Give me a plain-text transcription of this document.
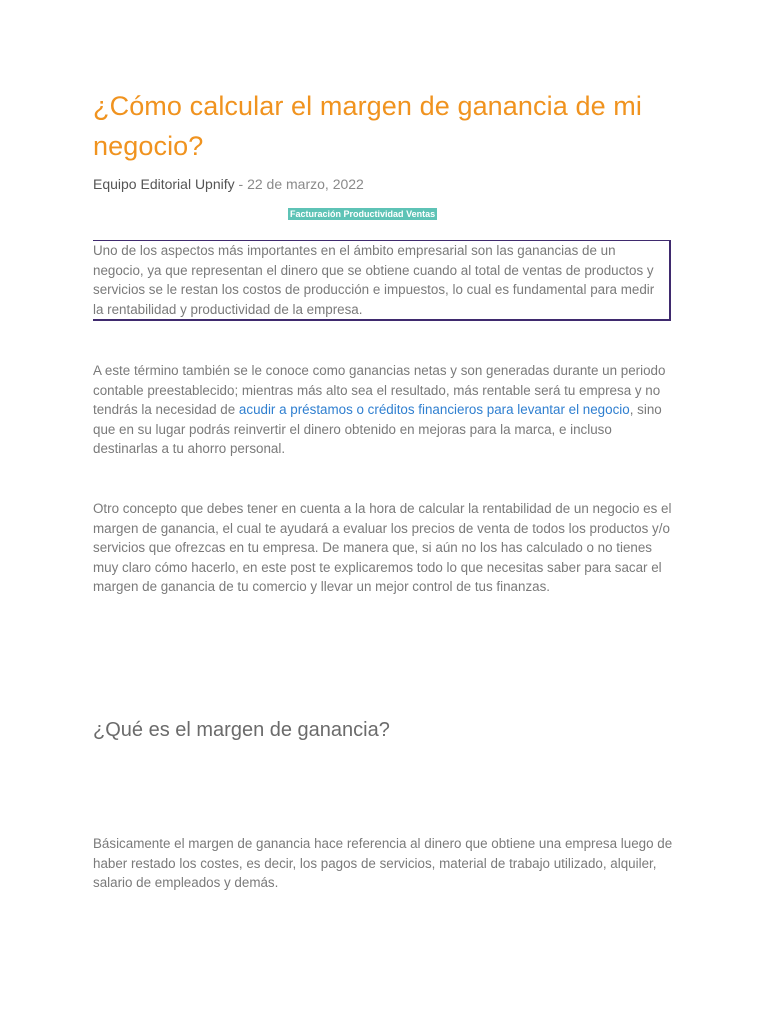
¿Cómo calcular el margen de ganancia de mi negocio?
Equipo Editorial Upnify - 22 de marzo, 2022
Facturación Productividad Ventas
Uno de los aspectos más importantes en el ámbito empresarial son las ganancias de un negocio, ya que representan el dinero que se obtiene cuando al total de ventas de productos y servicios se le restan los costos de producción e impuestos, lo cual es fundamental para medir la rentabilidad y productividad de la empresa.

A este término también se le conoce como ganancias netas y son generadas durante un periodo contable preestablecido; mientras más alto sea el resultado, más rentable será tu empresa y no tendrás la necesidad de acudir a préstamos o créditos financieros para levantar el negocio, sino que en su lugar podrás reinvertir el dinero obtenido en mejoras para la marca, e incluso destinarlas a tu ahorro personal.

Otro concepto que debes tener en cuenta a la hora de calcular la rentabilidad de un negocio es el margen de ganancia, el cual te ayudará a evaluar los precios de venta de todos los productos y/o servicios que ofrezcas en tu empresa. De manera que, si aún no los has calculado o no tienes muy claro cómo hacerlo, en este post te explicaremos todo lo que necesitas saber para sacar el margen de ganancia de tu comercio y llevar un mejor control de tus finanzas.

¿Qué es el margen de ganancia?

Básicamente el margen de ganancia hace referencia al dinero que obtiene una empresa luego de haber restado los costes, es decir, los pagos de servicios, material de trabajo utilizado, alquiler, salario de empleados y demás.
